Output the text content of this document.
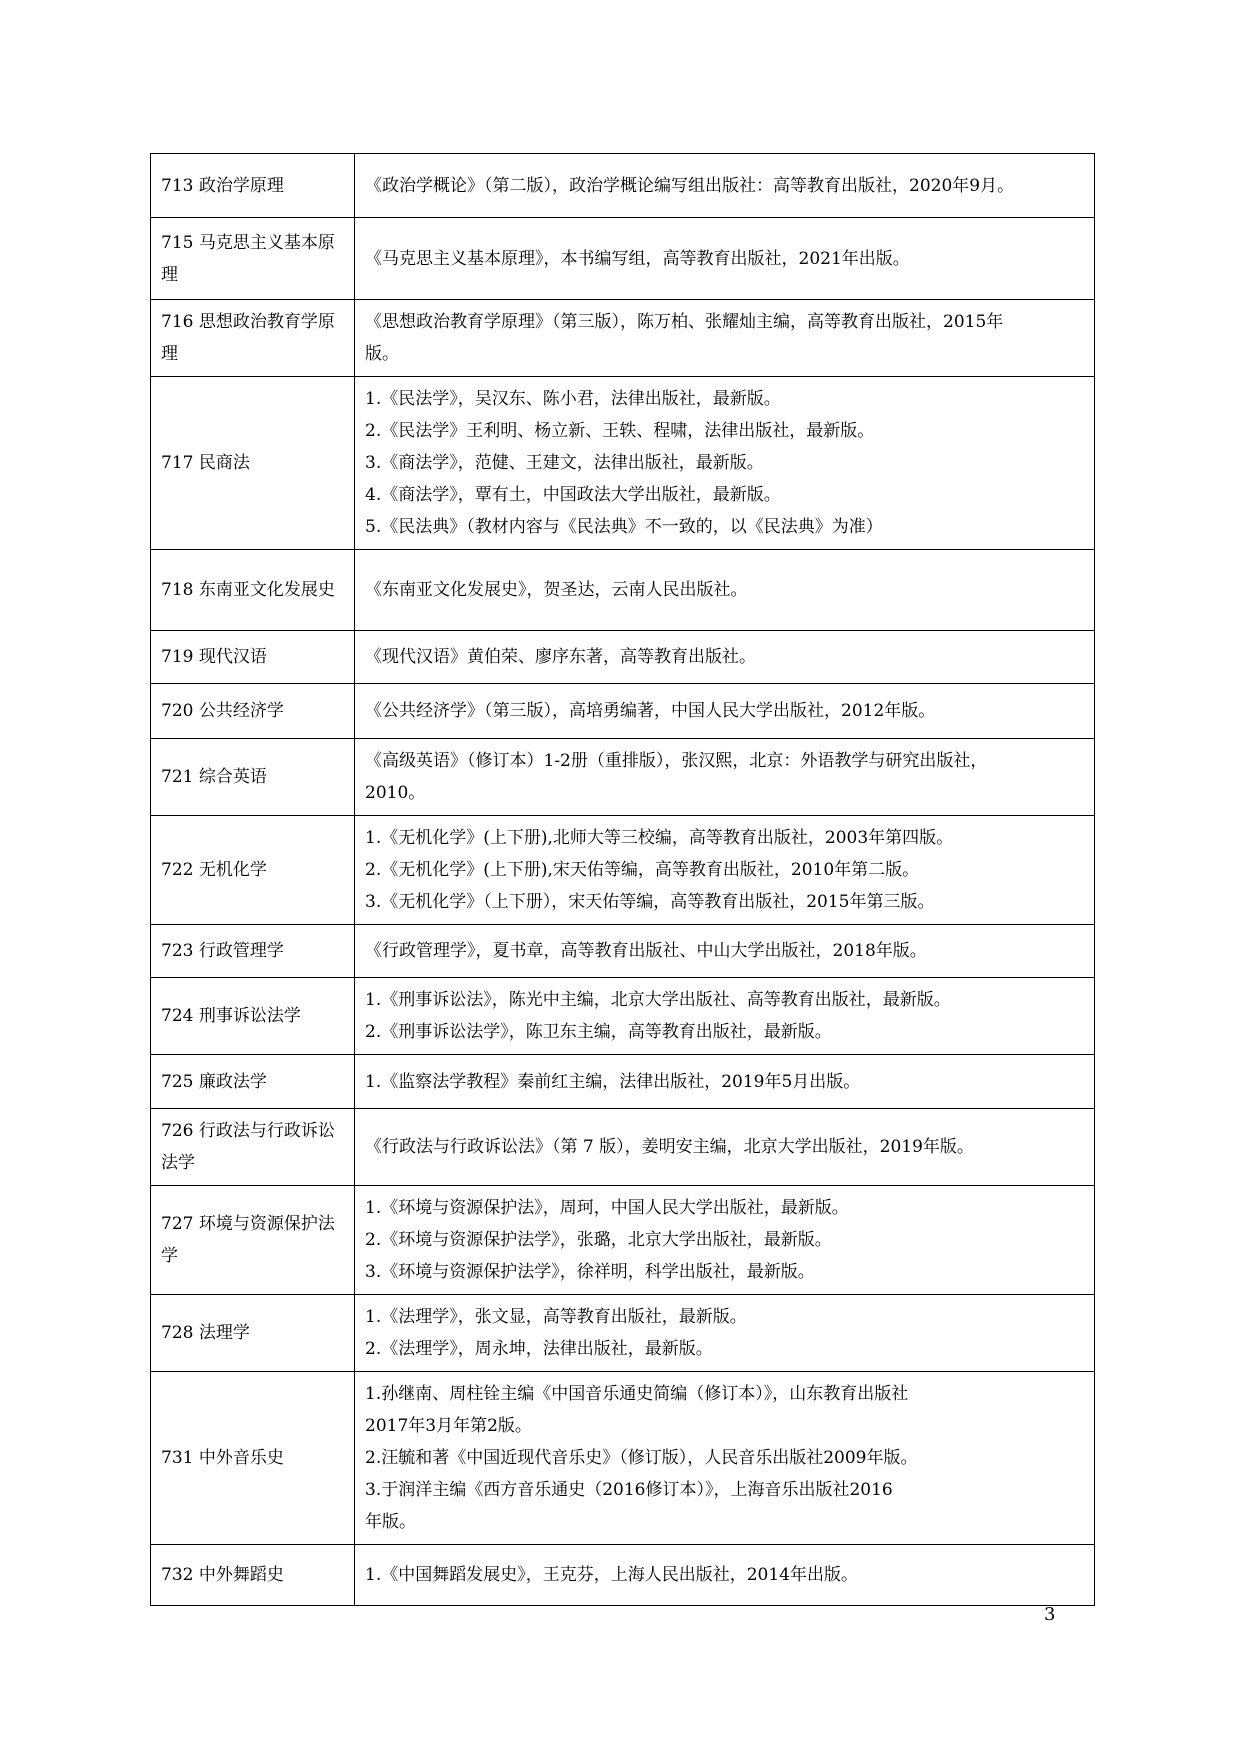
713 政治学原理	《政治学概论》（第二版），政治学概论编写组出版社：高等教育出版社，2020年9月。

715 马克思主义基本原理	《马克思主义基本原理》，本书编写组，高等教育出版社，2021年出版。

716 思想政治教育学原理	《思想政治教育学原理》（第三版），陈万柏、张耀灿主编，高等教育出版社，2015年
版。

717 民商法	1.《民法学》，吴汉东、陈小君，法律出版社，最新版。
2.《民法学》王利明、杨立新、王轶、程啸，法律出版社，最新版。
3.《商法学》，范健、王建文，法律出版社，最新版。
4.《商法学》，覃有土，中国政法大学出版社，最新版。
5.《民法典》（教材内容与《民法典》不一致的，以《民法典》为准）

718 东南亚文化发展史	《东南亚文化发展史》，贺圣达，云南人民出版社。

719 现代汉语	《现代汉语》黄伯荣、廖序东著，高等教育出版社。

720 公共经济学	《公共经济学》（第三版），高培勇编著，中国人民大学出版社，2012年版。

721 综合英语	《高级英语》（修订本）1-2册（重排版），张汉熙，北京：外语教学与研究出版社，
2010。

722 无机化学	1.《无机化学》(上下册),北师大等三校编，高等教育出版社，2003年第四版。
2.《无机化学》(上下册),宋天佑等编，高等教育出版社，2010年第二版。
3.《无机化学》（上下册），宋天佑等编，高等教育出版社，2015年第三版。

723 行政管理学	《行政管理学》，夏书章，高等教育出版社、中山大学出版社，2018年版。

724 刑事诉讼法学	1.《刑事诉讼法》，陈光中主编，北京大学出版社、高等教育出版社，最新版。
2.《刑事诉讼法学》，陈卫东主编，高等教育出版社，最新版。

725 廉政法学	1.《监察法学教程》秦前红主编，法律出版社，2019年5月出版。

726 行政法与行政诉讼法学	《行政法与行政诉讼法》（第 7 版），姜明安主编，北京大学出版社，2019年版。

727 环境与资源保护法学	1.《环境与资源保护法》，周珂，中国人民大学出版社，最新版。
2.《环境与资源保护法学》，张璐，北京大学出版社，最新版。
3.《环境与资源保护法学》，徐祥明，科学出版社，最新版。

728 法理学	1.《法理学》，张文显，高等教育出版社，最新版。
2.《法理学》，周永坤，法律出版社，最新版。

731 中外音乐史	1.孙继南、周柱铨主编《中国音乐通史简编（修订本）》，山东教育出版社
2017年3月年第2版。
2.汪毓和著《中国近现代音乐史》（修订版），人民音乐出版社2009年版。
3.于润洋主编《西方音乐通史（2016修订本）》，上海音乐出版社2016
年版。

732 中外舞蹈史	1.《中国舞蹈发展史》，王克芬，上海人民出版社，2014年出版。
3
